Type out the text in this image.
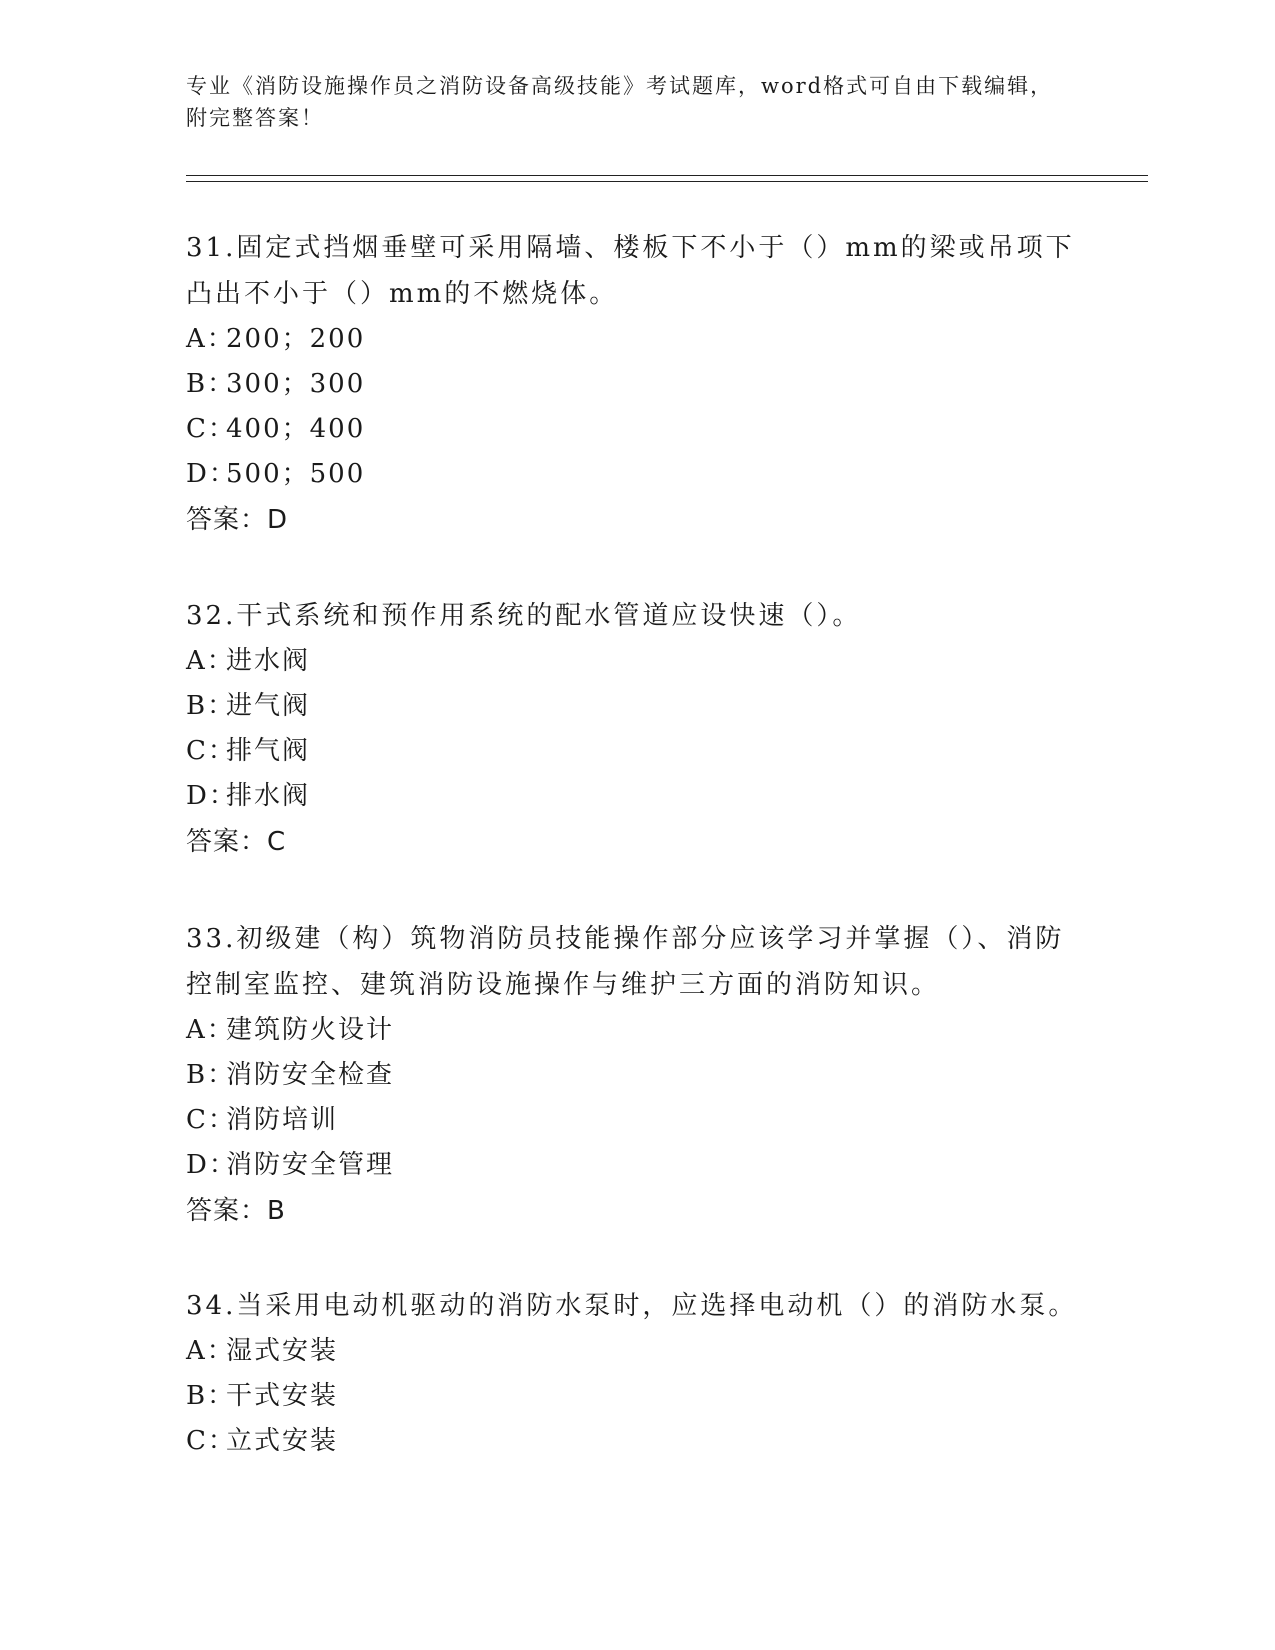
专业《消防设施操作员之消防设备高级技能》考试题库，word格式可自由下载编辑，附完整答案！

31.固定式挡烟垂壁可采用隔墙、楼板下不小于（）mm的梁或吊项下凸出不小于（）mm的不燃烧体。

A：200；200

B：300；300

C：400；400

D：500；500

答案：D

32.干式系统和预作用系统的配水管道应设快速（）。

A：进水阀

B：进气阀

C：排气阀

D：排水阀

答案：C

33.初级建（构）筑物消防员技能操作部分应该学习并掌握（）、消防控制室监控、建筑消防设施操作与维护三方面的消防知识。

A：建筑防火设计

B：消防安全检查

C：消防培训

D：消防安全管理

答案：B

34.当采用电动机驱动的消防水泵时，应选择电动机（）的消防水泵。

A：湿式安装

B：干式安装

C：立式安装
